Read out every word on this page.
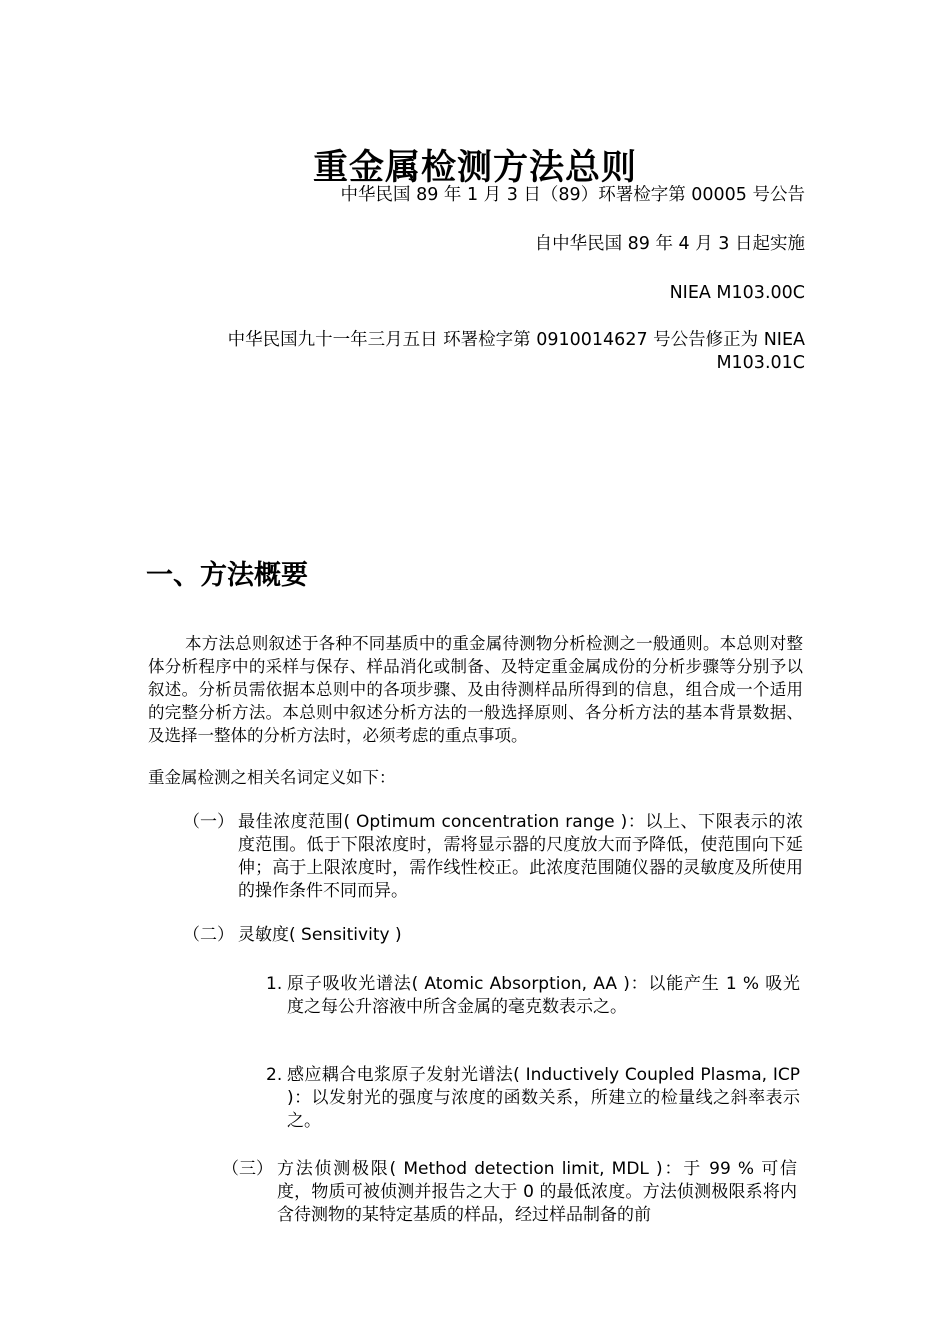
重金属检测方法总则
中华民国 89 年 1 月 3 日（89）环署检字第 00005 号公告
自中华民国 89 年 4 月 3 日起实施
NIEA M103.00C
中华民国九十一年三月五日 环署检字第 0910014627 号公告修正为 NIEA M103.01C
一、方法概要
本方法总则叙述于各种不同基质中的重金属待测物分析检测之一般通则。本总则对整体分析程序中的采样与保存、样品消化或制备、及特定重金属成份的分析步骤等分别予以叙述。分析员需依据本总则中的各项步骤、及由待测样品所得到的信息，组合成一个适用的完整分析方法。本总则中叙述分析方法的一般选择原则、各分析方法的基本背景数据、及选择一整体的分析方法时，必须考虑的重点事项。
重金属检测之相关名词定义如下：
（一） 最佳浓度范围( Optimum concentration range )：以上、下限表示的浓度范围。低于下限浓度时，需将显示器的尺度放大而予降低，使范围向下延伸；高于上限浓度时，需作线性校正。此浓度范围随仪器的灵敏度及所使用的操作条件不同而异。
（二） 灵敏度( Sensitivity )
1. 原子吸收光谱法( Atomic Absorption, AA )：以能产生 1 % 吸光度之每公升溶液中所含金属的毫克数表示之。
2. 感应耦合电浆原子发射光谱法( Inductively Coupled Plasma, ICP )：以发射光的强度与浓度的函数关系，所建立的检量线之斜率表示之。
（三） 方法侦测极限( Method detection limit, MDL )：于 99 % 可信度，物质可被侦测并报告之大于 0 的最低浓度。方法侦测极限系将内含待测物的某特定基质的样品，经过样品制备的前
